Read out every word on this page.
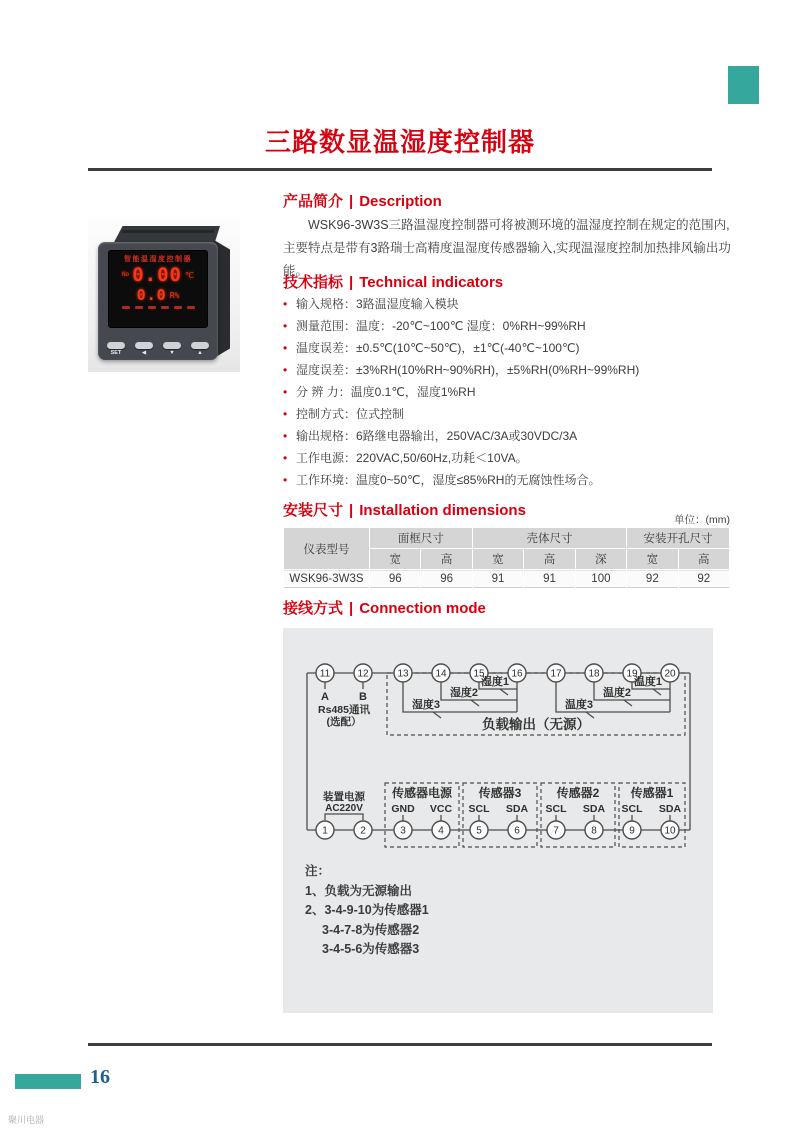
三路数显温湿度控制器
智能温湿度控制器
No 0.00 ℃
0.0 R%
SET	◀	▼	▲
产品简介 | Description

WSK96-3W3S三路温湿度控制器可将被测环境的温湿度控制在规定的范围内,主要特点是带有3路瑞士高精度温湿度传感器输入,实现温湿度控制加热排风输出功能。

技术指标 | Technical indicators
• 输入规格：3路温湿度输入模块
• 测量范围：温度：-20℃~100℃ 湿度：0%RH~99%RH
• 温度误差：±0.5℃(10℃~50℃)，±1℃(-40℃~100℃)
• 湿度误差：±3%RH(10%RH~90%RH)，±5%RH(0%RH~99%RH)
• 分 辨 力：温度0.1℃，湿度1%RH
• 控制方式：位式控制
• 输出规格：6路继电器输出，250VAC/3A或30VDC/3A
• 工作电源：220VAC,50/60Hz,功耗＜10VA。
• 工作环境：温度0~50℃，湿度≤85%RH的无腐蚀性场合。
安装尺寸 | Installation dimensions
单位：(mm)
仪表型号	面框尺寸		壳体尺寸			安装开孔尺寸	
	宽	高	宽	高	深	宽	高
WSK96-3W3S	96	96	91	91	100	92	92
接线方式 | Connection mode
11	12	13	14	15	16	17	18	19	20
1	2	3	4	5	6	7	8	9	10
A	B
Rs485通讯
(选配）
湿度3
湿度2
湿度1
温度3
温度2
温度1
负载输出（无源）
装置电源
AC220V
传感器电源 传感器3	传感器2	传感器1
GND VCC SCL SDA SCL SDA SCL SDA
注：
1、负载为无源输出
2、3-4-9-10为传感器1
3-4-7-8为传感器2
3-4-5-6为传感器3
16
聚川电器
